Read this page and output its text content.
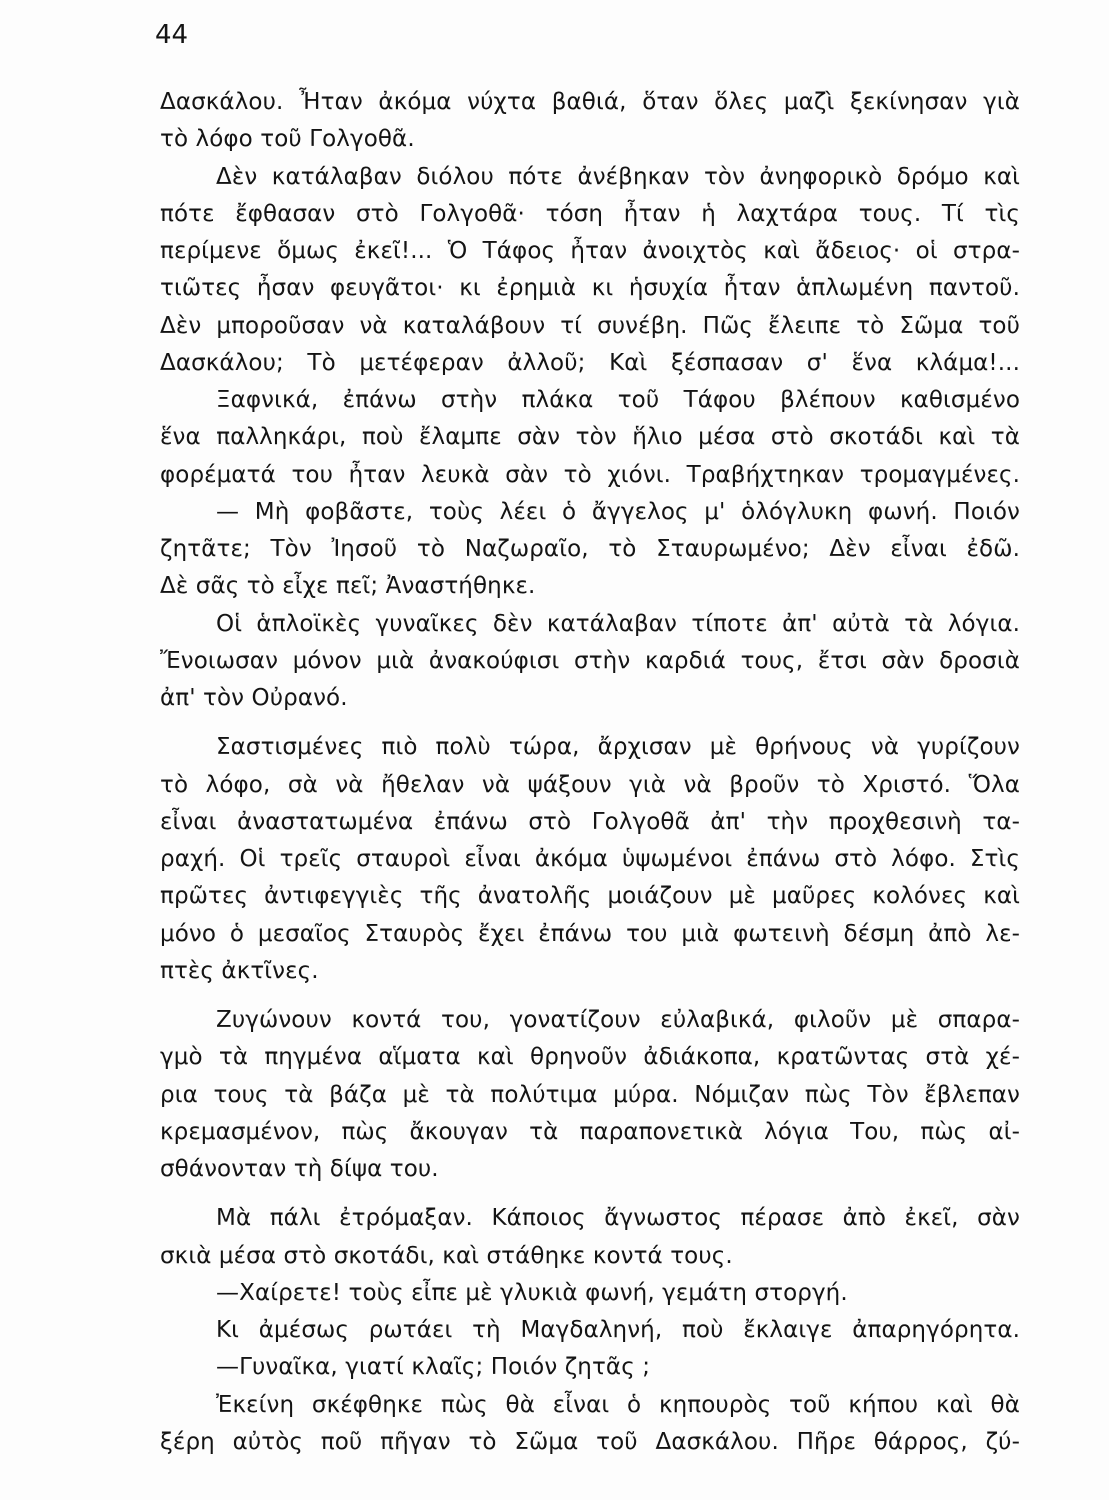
44
Δασκάλου. Ἦταν ἀκόμα νύχτα βαθιά, ὅταν ὅλες μαζὶ ξεκίνησαν γιὰ
τὸ λόφο τοῦ Γολγοθᾶ.
Δὲν κατάλαβαν διόλου πότε ἀνέβηκαν τὸν ἀνηφορικὸ δρόμο καὶ
πότε ἔφθασαν στὸ Γολγοθᾶ· τόση ἦταν ἡ λαχτάρα τους. Τί τὶς
περίμενε ὅμως ἐκεῖ!... Ὁ Τάφος ἦταν ἀνοιχτὸς καὶ ἄδειος· οἱ στρα-
τιῶτες ἦσαν φευγᾶτοι· κι ἐρημιὰ κι ἡσυχία ἦταν ἁπλωμένη παντοῦ.
Δὲν μποροῦσαν νὰ καταλάβουν τί συνέβη. Πῶς ἔλειπε τὸ Σῶμα τοῦ
Δασκάλου; Τὸ μετέφεραν ἀλλοῦ; Καὶ ξέσπασαν σ' ἕνα κλάμα!...
Ξαφνικά, ἐπάνω στὴν πλάκα τοῦ Τάφου βλέπουν καθισμένο
ἕνα παλληκάρι, ποὺ ἔλαμπε σὰν τὸν ἥλιο μέσα στὸ σκοτάδι καὶ τὰ
φορέματά του ἦταν λευκὰ σὰν τὸ χιόνι. Τραβήχτηκαν τρομαγμένες.
— Μὴ φοβᾶστε, τοὺς λέει ὁ ἄγγελος μ' ὁλόγλυκη φωνή. Ποιόν
ζητᾶτε; Τὸν Ἰησοῦ τὸ Ναζωραῖο, τὸ Σταυρωμένο; Δὲν εἶναι ἐδῶ.
Δὲ σᾶς τὸ εἶχε πεῖ; Ἀναστήθηκε.
Οἱ ἁπλοϊκὲς γυναῖκες δὲν κατάλαβαν τίποτε ἀπ' αὐτὰ τὰ λόγια.
Ἔνοιωσαν μόνον μιὰ ἀνακούφισι στὴν καρδιά τους, ἔτσι σὰν δροσιὰ
ἀπ' τὸν Οὐρανό.
Σαστισμένες πιὸ πολὺ τώρα, ἄρχισαν μὲ θρήνους νὰ γυρίζουν
τὸ λόφο, σὰ νὰ ἤθελαν νὰ ψάξουν γιὰ νὰ βροῦν τὸ Χριστό. Ὅλα
εἶναι ἀναστατωμένα ἐπάνω στὸ Γολγοθᾶ ἀπ' τὴν προχθεσινὴ τα-
ραχή. Οἱ τρεῖς σταυροὶ εἶναι ἀκόμα ὑψωμένοι ἐπάνω στὸ λόφο. Στὶς
πρῶτες ἀντιφεγγιὲς τῆς ἀνατολῆς μοιάζουν μὲ μαῦρες κολόνες καὶ
μόνο ὁ μεσαῖος Σταυρὸς ἔχει ἐπάνω του μιὰ φωτεινὴ δέσμη ἀπὸ λε-
πτὲς ἀκτῖνες.
Ζυγώνουν κοντά του, γονατίζουν εὐλαβικά, φιλοῦν μὲ σπαρα-
γμὸ τὰ πηγμένα αἵματα καὶ θρηνοῦν ἀδιάκοπα, κρατῶντας στὰ χέ-
ρια τους τὰ βάζα μὲ τὰ πολύτιμα μύρα. Νόμιζαν πὼς Τὸν ἔβλεπαν
κρεμασμένον, πὼς ἄκουγαν τὰ παραπονετικὰ λόγια Του, πὼς αἰ-
σθάνονταν τὴ δίψα του.
Μὰ πάλι ἐτρόμαξαν. Κάποιος ἄγνωστος πέρασε ἀπὸ ἐκεῖ, σὰν
σκιὰ μέσα στὸ σκοτάδι, καὶ στάθηκε κοντά τους.
—Χαίρετε! τοὺς εἶπε μὲ γλυκιὰ φωνή, γεμάτη στοργή.
Κι ἀμέσως ρωτάει τὴ Μαγδαληνή, ποὺ ἔκλαιγε ἀπαρηγόρητα.
—Γυναῖκα, γιατί κλαῖς; Ποιόν ζητᾶς ;
Ἐκείνη σκέφθηκε πὼς θὰ εἶναι ὁ κηπουρὸς τοῦ κήπου καὶ θὰ
ξέρη αὐτὸς ποῦ πῆγαν τὸ Σῶμα τοῦ Δασκάλου. Πῆρε θάρρος, ζύ-
